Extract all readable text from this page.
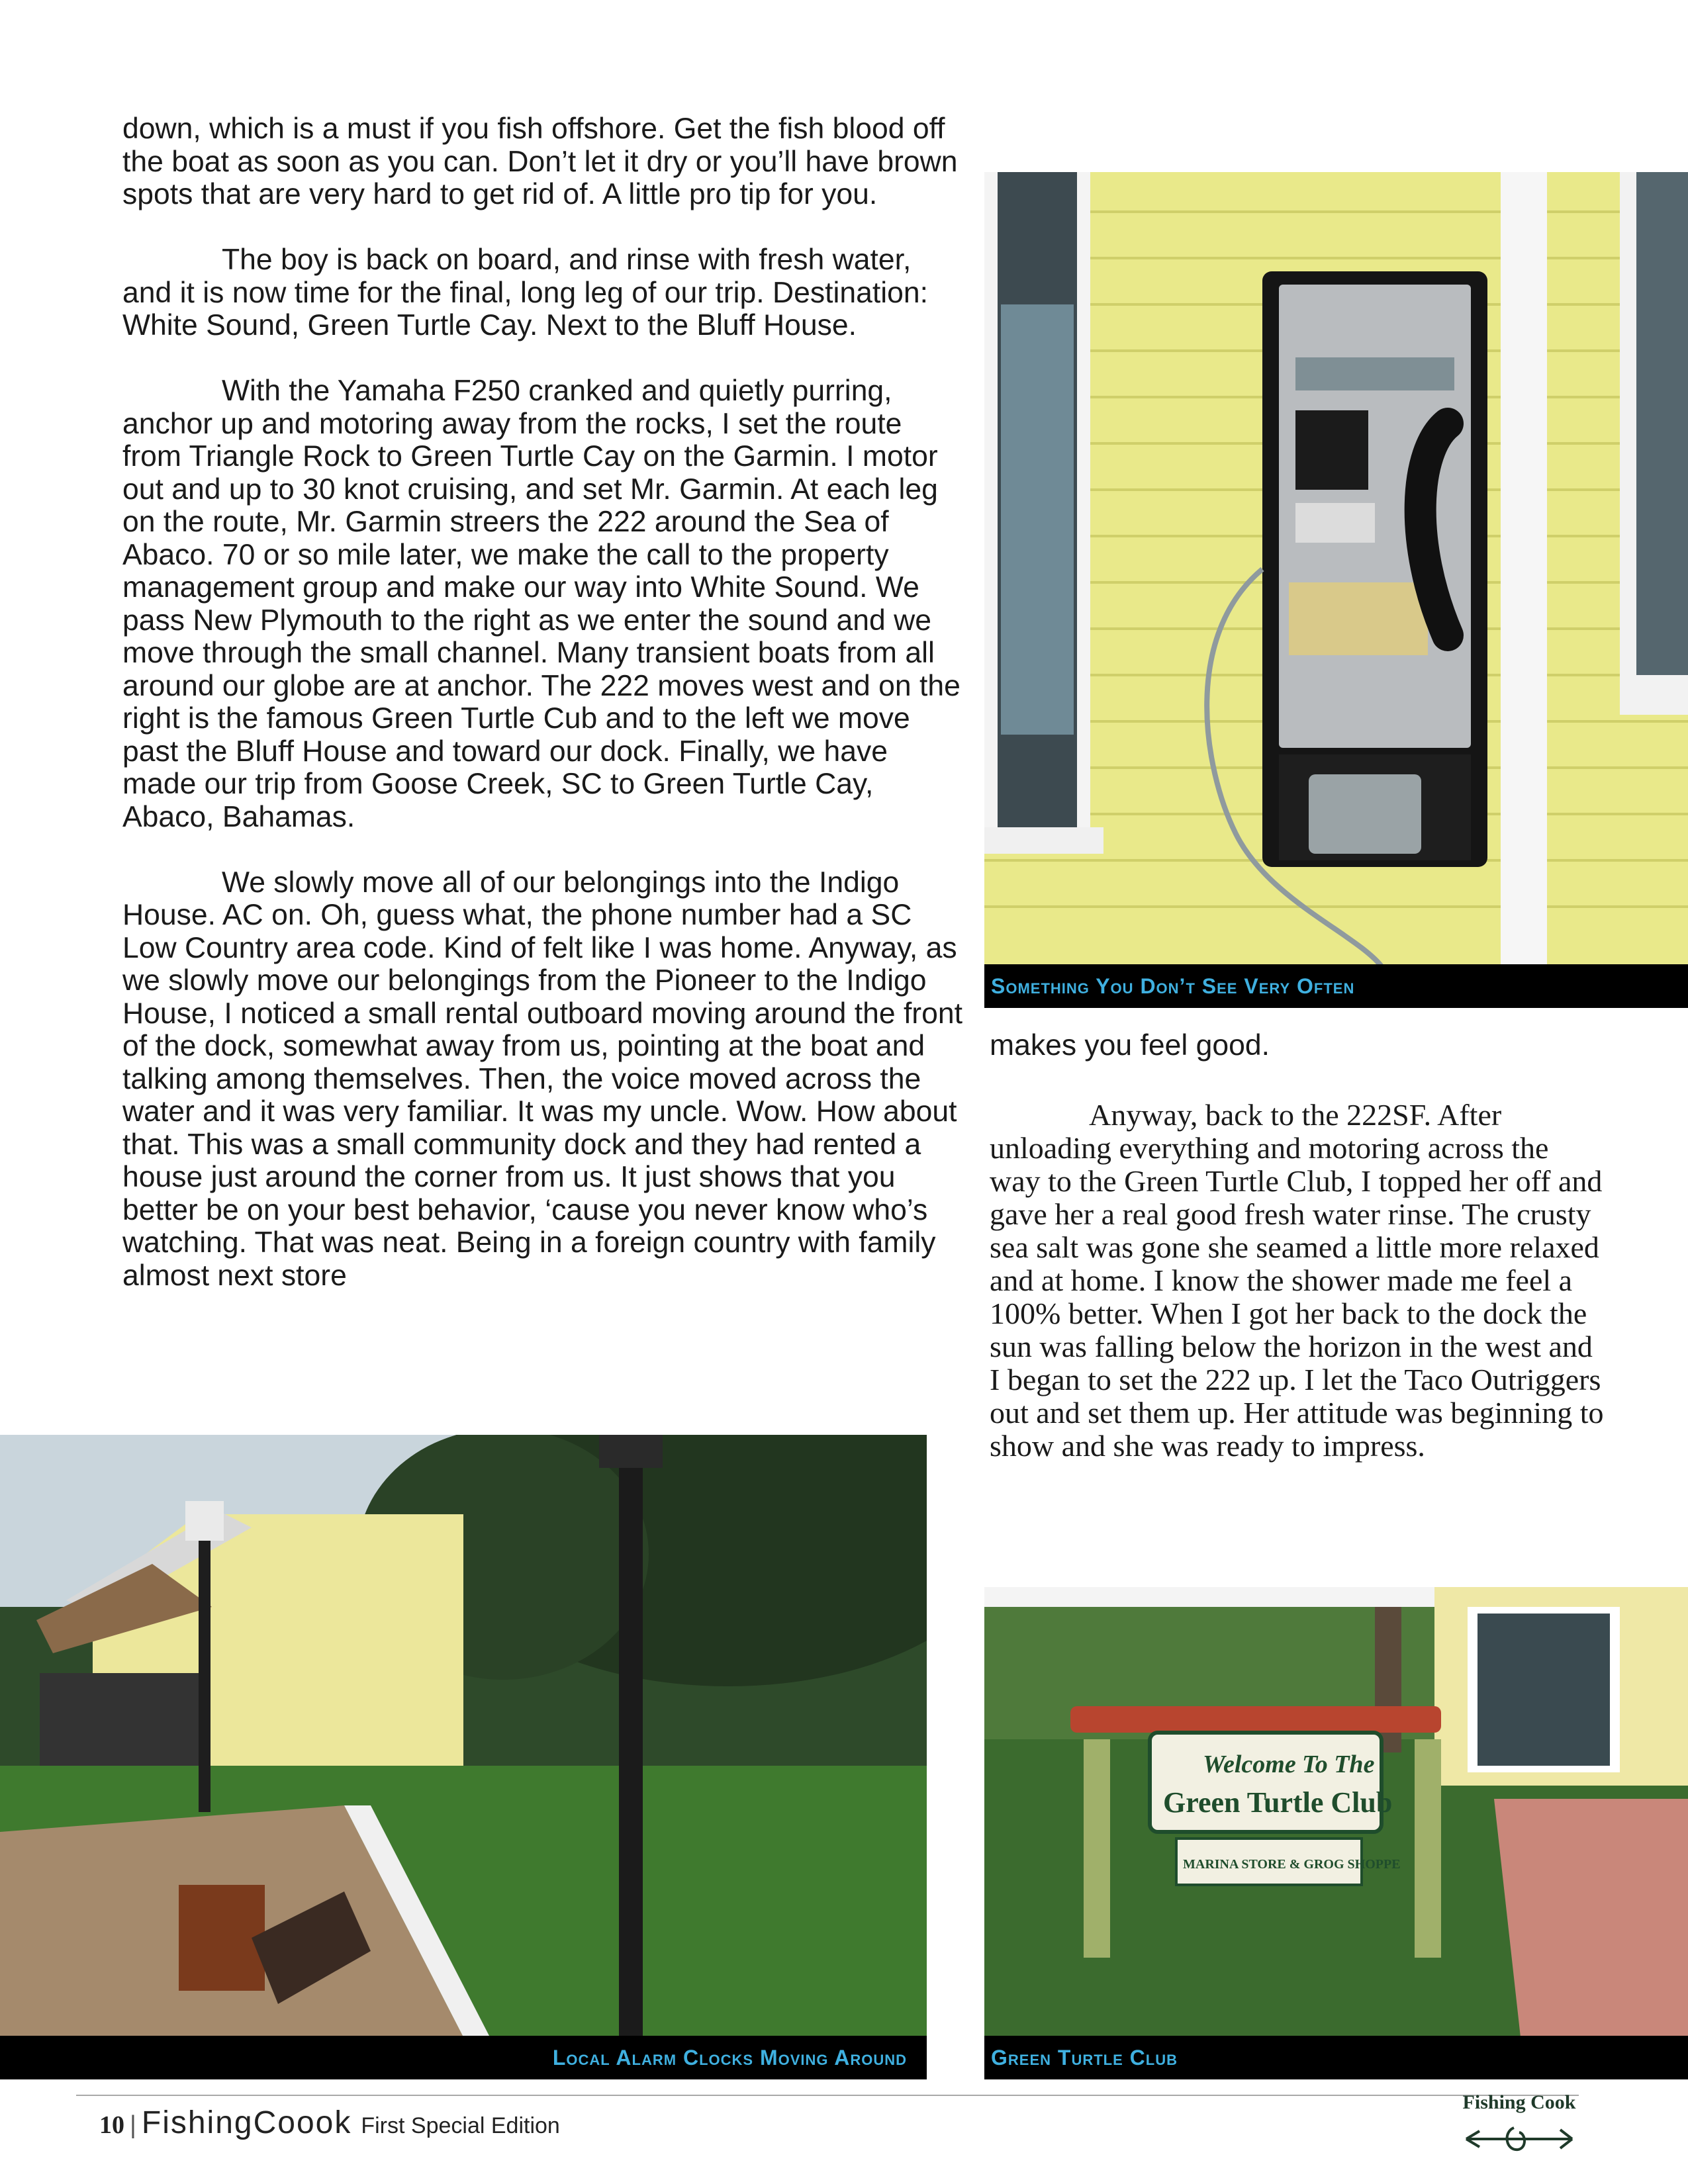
down, which is a must if you fish offshore. Get the fish blood off the boat as soon as you can. Don’t let it dry or you’ll have brown spots that are very hard to get rid of. A little pro tip for you.

The boy is back on board, and rinse with fresh water, and it is now time for the final, long leg of our trip. Destination: White Sound, Green Turtle Cay. Next to the Bluff House.

With the Yamaha F250 cranked and quietly purring, anchor up and motoring away from the rocks, I set the route from Triangle Rock to Green Turtle Cay on the Garmin. I motor out and up to 30 knot cruising, and set Mr. Garmin. At each leg on the route, Mr. Garmin streers the 222 around the Sea of Abaco. 70 or so mile later, we make the call to the property management group and make our way into White Sound. We pass New Plymouth to the right as we enter the sound and we move through the small channel. Many transient boats from all around our globe are at anchor. The 222 moves west and on the right is the famous Green Turtle Cub and to the left we move past the Bluff House and toward our dock. Finally, we have made our trip from Goose Creek, SC to Green Turtle Cay, Abaco, Bahamas.

We slowly move all of our belongings into the Indigo House. AC on. Oh, guess what, the phone number had a SC Low Country area code. Kind of felt like I was home. Anyway, as we slowly move our belongings from the Pioneer to the Indigo House, I noticed a small rental outboard moving around the front of the dock, somewhat away from us, pointing at the boat and talking among themselves. Then, the voice moved across the water and it was very familiar. It was my uncle. Wow. How about that. This was a small community dock and they had rented a house just around the corner from us. It just shows that you better be on your best behavior, ‘cause you never know who’s watching. That was neat. Being in a foreign country with family almost next store

Something You Don’t See Very Often

makes you feel good.

Anyway, back to the 222SF. After unloading everything and motoring across the way to the Green Turtle Club, I topped her off and gave her a real good fresh water rinse. The crusty sea salt was gone she seamed a little more relaxed and at home. I know the shower made me feel a 100% better. When I got her back to the dock the sun was falling below the horizon in the west and I began to set the 222 up. I let the Taco Outriggers out and set them up. Her attitude was beginning to show and she was ready to impress.

Local Alarm Clocks Moving Around
Welcome To The
Green Turtle Club
MARINA STORE & GROG SHOPPE
Green Turtle Club
10 | FishingCoook First Special Edition
Fishing Cook
